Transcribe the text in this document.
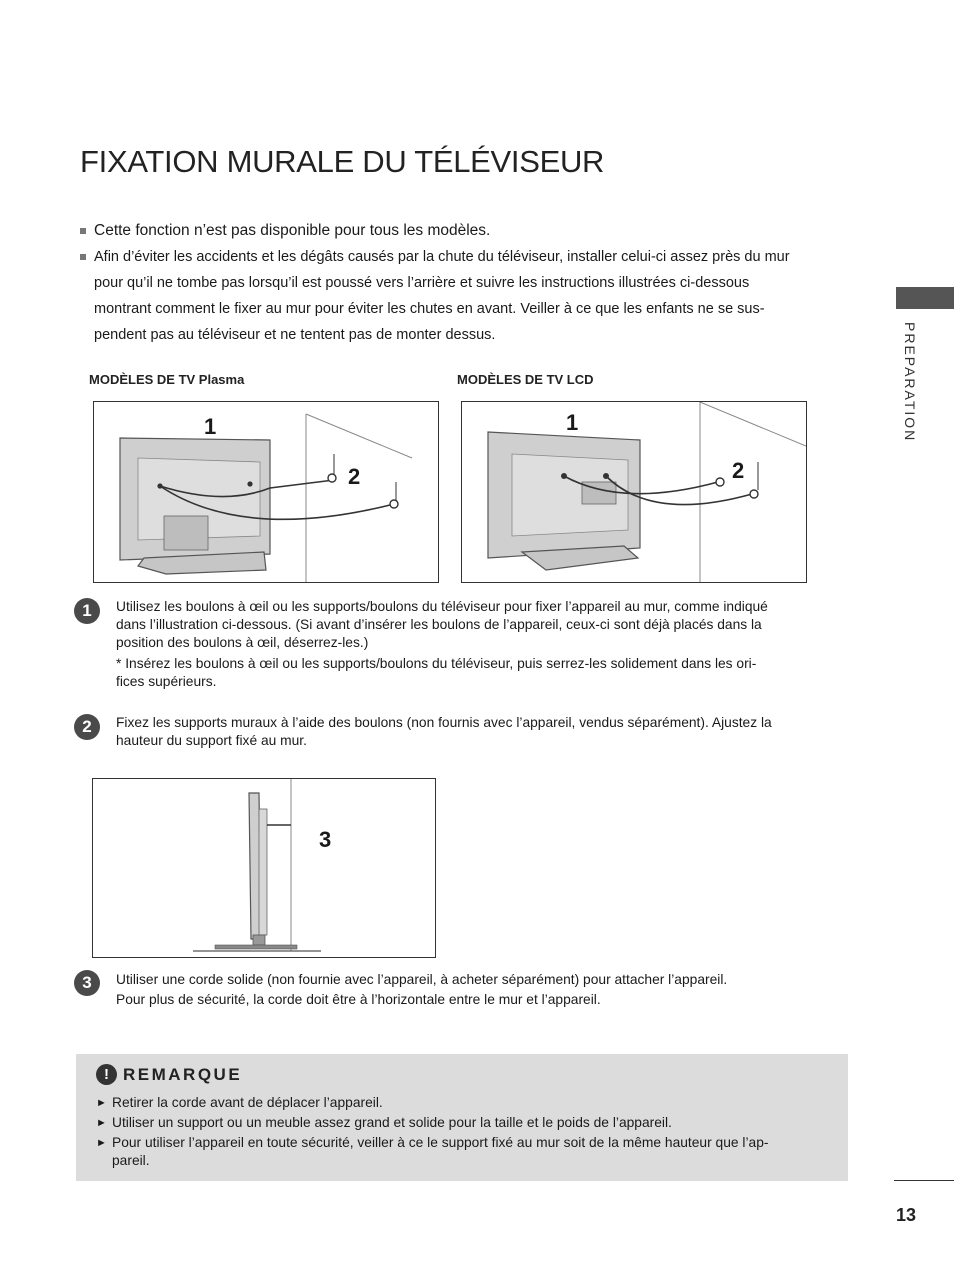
FIXATION MURALE DU TÉLÉVISEUR
Cette fonction n’est pas disponible pour tous les modèles.
Afin d’éviter les accidents et les dégâts causés par la chute du téléviseur, installer celui-ci assez près du mur
pour qu’il ne tombe pas lorsqu’il est poussé vers l’arrière et suivre les instructions illustrées ci-dessous
montrant comment le fixer au mur pour éviter les chutes en avant. Veiller à ce que les enfants ne se sus-
pendent pas au téléviseur et ne tentent pas de monter dessus.	PREPARATION
MODÈLES DE TV Plasma	MODÈLES DE TV LCD
1
2
1
2
1	Utilisez les boulons à œil ou les supports/boulons du téléviseur pour fixer l’appareil au mur, comme indiqué

dans l’illustration ci-dessous. (Si avant d’insérer les boulons de l’appareil, ceux-ci sont déjà placés dans la

position des boulons à œil, déserrez-les.)

* Insérez les boulons à œil ou les supports/boulons du téléviseur, puis serrez-les solidement dans les ori-

fices supérieurs.

2	Fixez les supports muraux à l’aide des boulons (non fournis avec l’appareil, vendus séparément). Ajustez la

hauteur du support fixé au mur.

3
3	Utiliser une corde solide (non fournie avec l’appareil, à acheter séparément) pour attacher l’appareil.

Pour plus de sécurité, la corde doit être à l’horizontale entre le mur et l’appareil.

! REMARQUE
► Retirer la corde avant de déplacer l’appareil.
► Utiliser un support ou un meuble assez grand et solide pour la taille et le poids de l’appareil.
► Pour utiliser l’appareil en toute sécurité, veiller à ce le support fixé au mur soit de la même hauteur que l’ap-
pareil.
13
